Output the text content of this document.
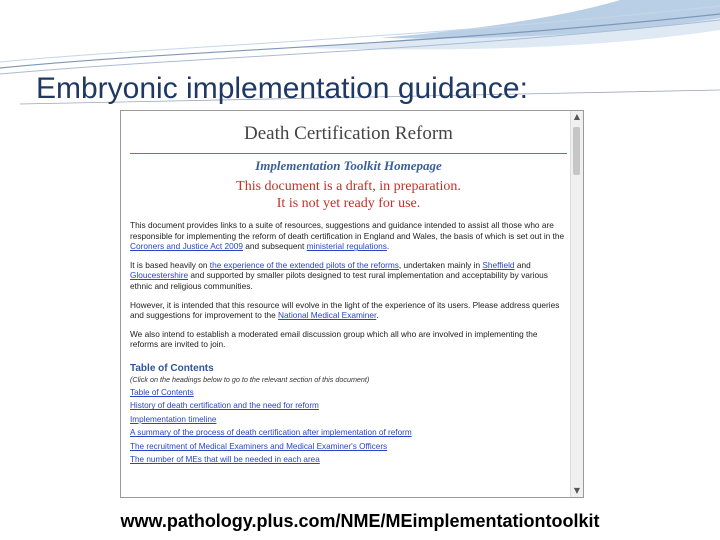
Embryonic implementation guidance:
Death Certification Reform
Implementation Toolkit Homepage
This document is a draft, in preparation.
It is not yet ready for use.
This document provides links to a suite of resources, suggestions and guidance intended to assist all those who are responsible for implementing the reform of death certification in England and Wales, the basis of which is set out in the Coroners and Justice Act 2009 and subsequent ministerial regulations.
It is based heavily on the experience of the extended pilots of the reforms, undertaken mainly in Sheffield and Gloucestershire and supported by smaller pilots designed to test rural implementation and acceptability by various ethnic and religious communities.
However, it is intended that this resource will evolve in the light of the experience of its users. Please address queries and suggestions for improvement to the National Medical Examiner.
We also intend to establish a moderated email discussion group which all who are involved in implementing the reforms are invited to join.
Table of Contents
(Click on the headings below to go to the relevant section of this document)
Table of Contents
History of death certification and the need for reform
Implementation timeline
A summary of the process of death certification after implementation of reform
The recruitment of Medical Examiners and Medical Examiner's Officers
The number of MEs that will be needed in each area
▲
▼
www.pathology.plus.com/NME/MEimplementationtoolkit
